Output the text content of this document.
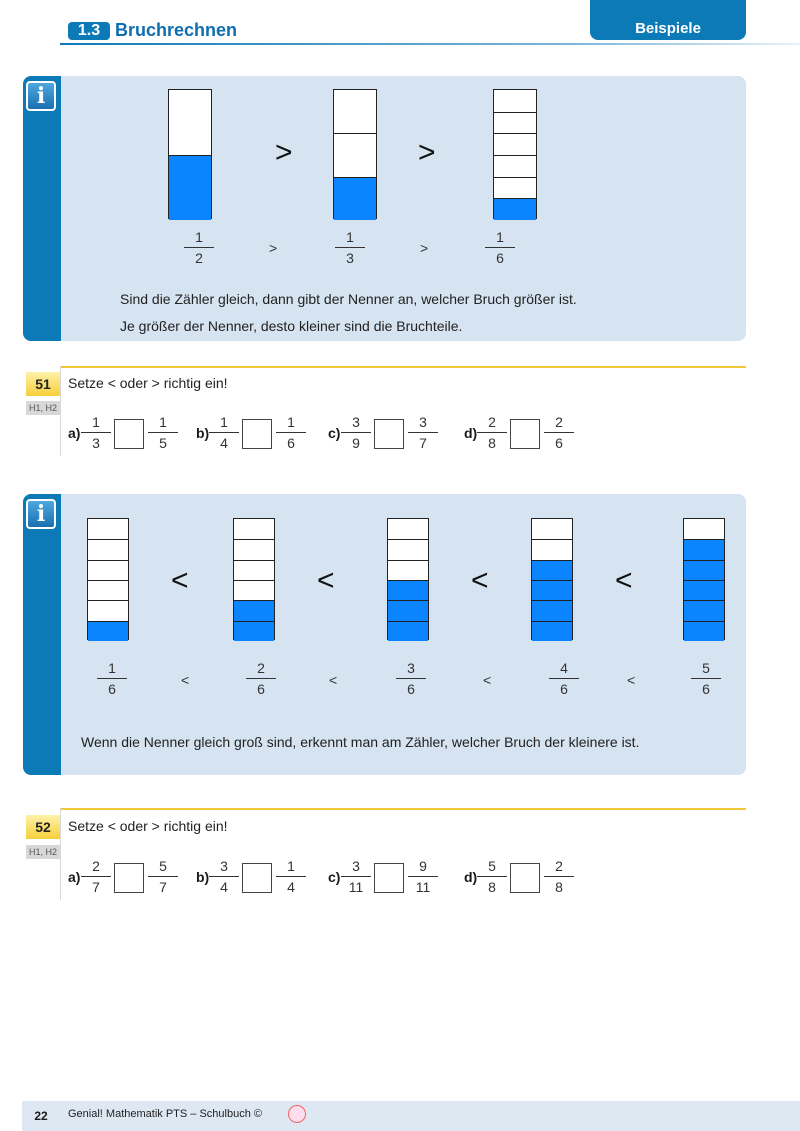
1.3 Bruchrechnen	Beispiele
i
Sind die Zähler gleich, dann gibt der Nenner an, welcher Bruch größer ist.
Je größer der Nenner, desto kleiner sind die Bruchteile.
>	>
1
2
1
3
1
6
>	>
51
H1, H2
Setze < oder > richtig ein!
a)
1
3
1
5
b)
1
4
1
6
c)
3
9
3
7
d)
2
8
2
6
i
Wenn die Nenner gleich groß sind, erkennt man am Zähler, welcher Bruch der kleinere ist.
<	<	<	<
1
6
2
6
3
6
4
6
5
6
<	<	<	<
52
H1, H2
Setze < oder > richtig ein!
a)
2
7
5
7
b)
3
4
1
4
c)
3
11
9
11
d)
5
8
2
8
22	Genial! Mathematik PTS – Schulbuch ©
